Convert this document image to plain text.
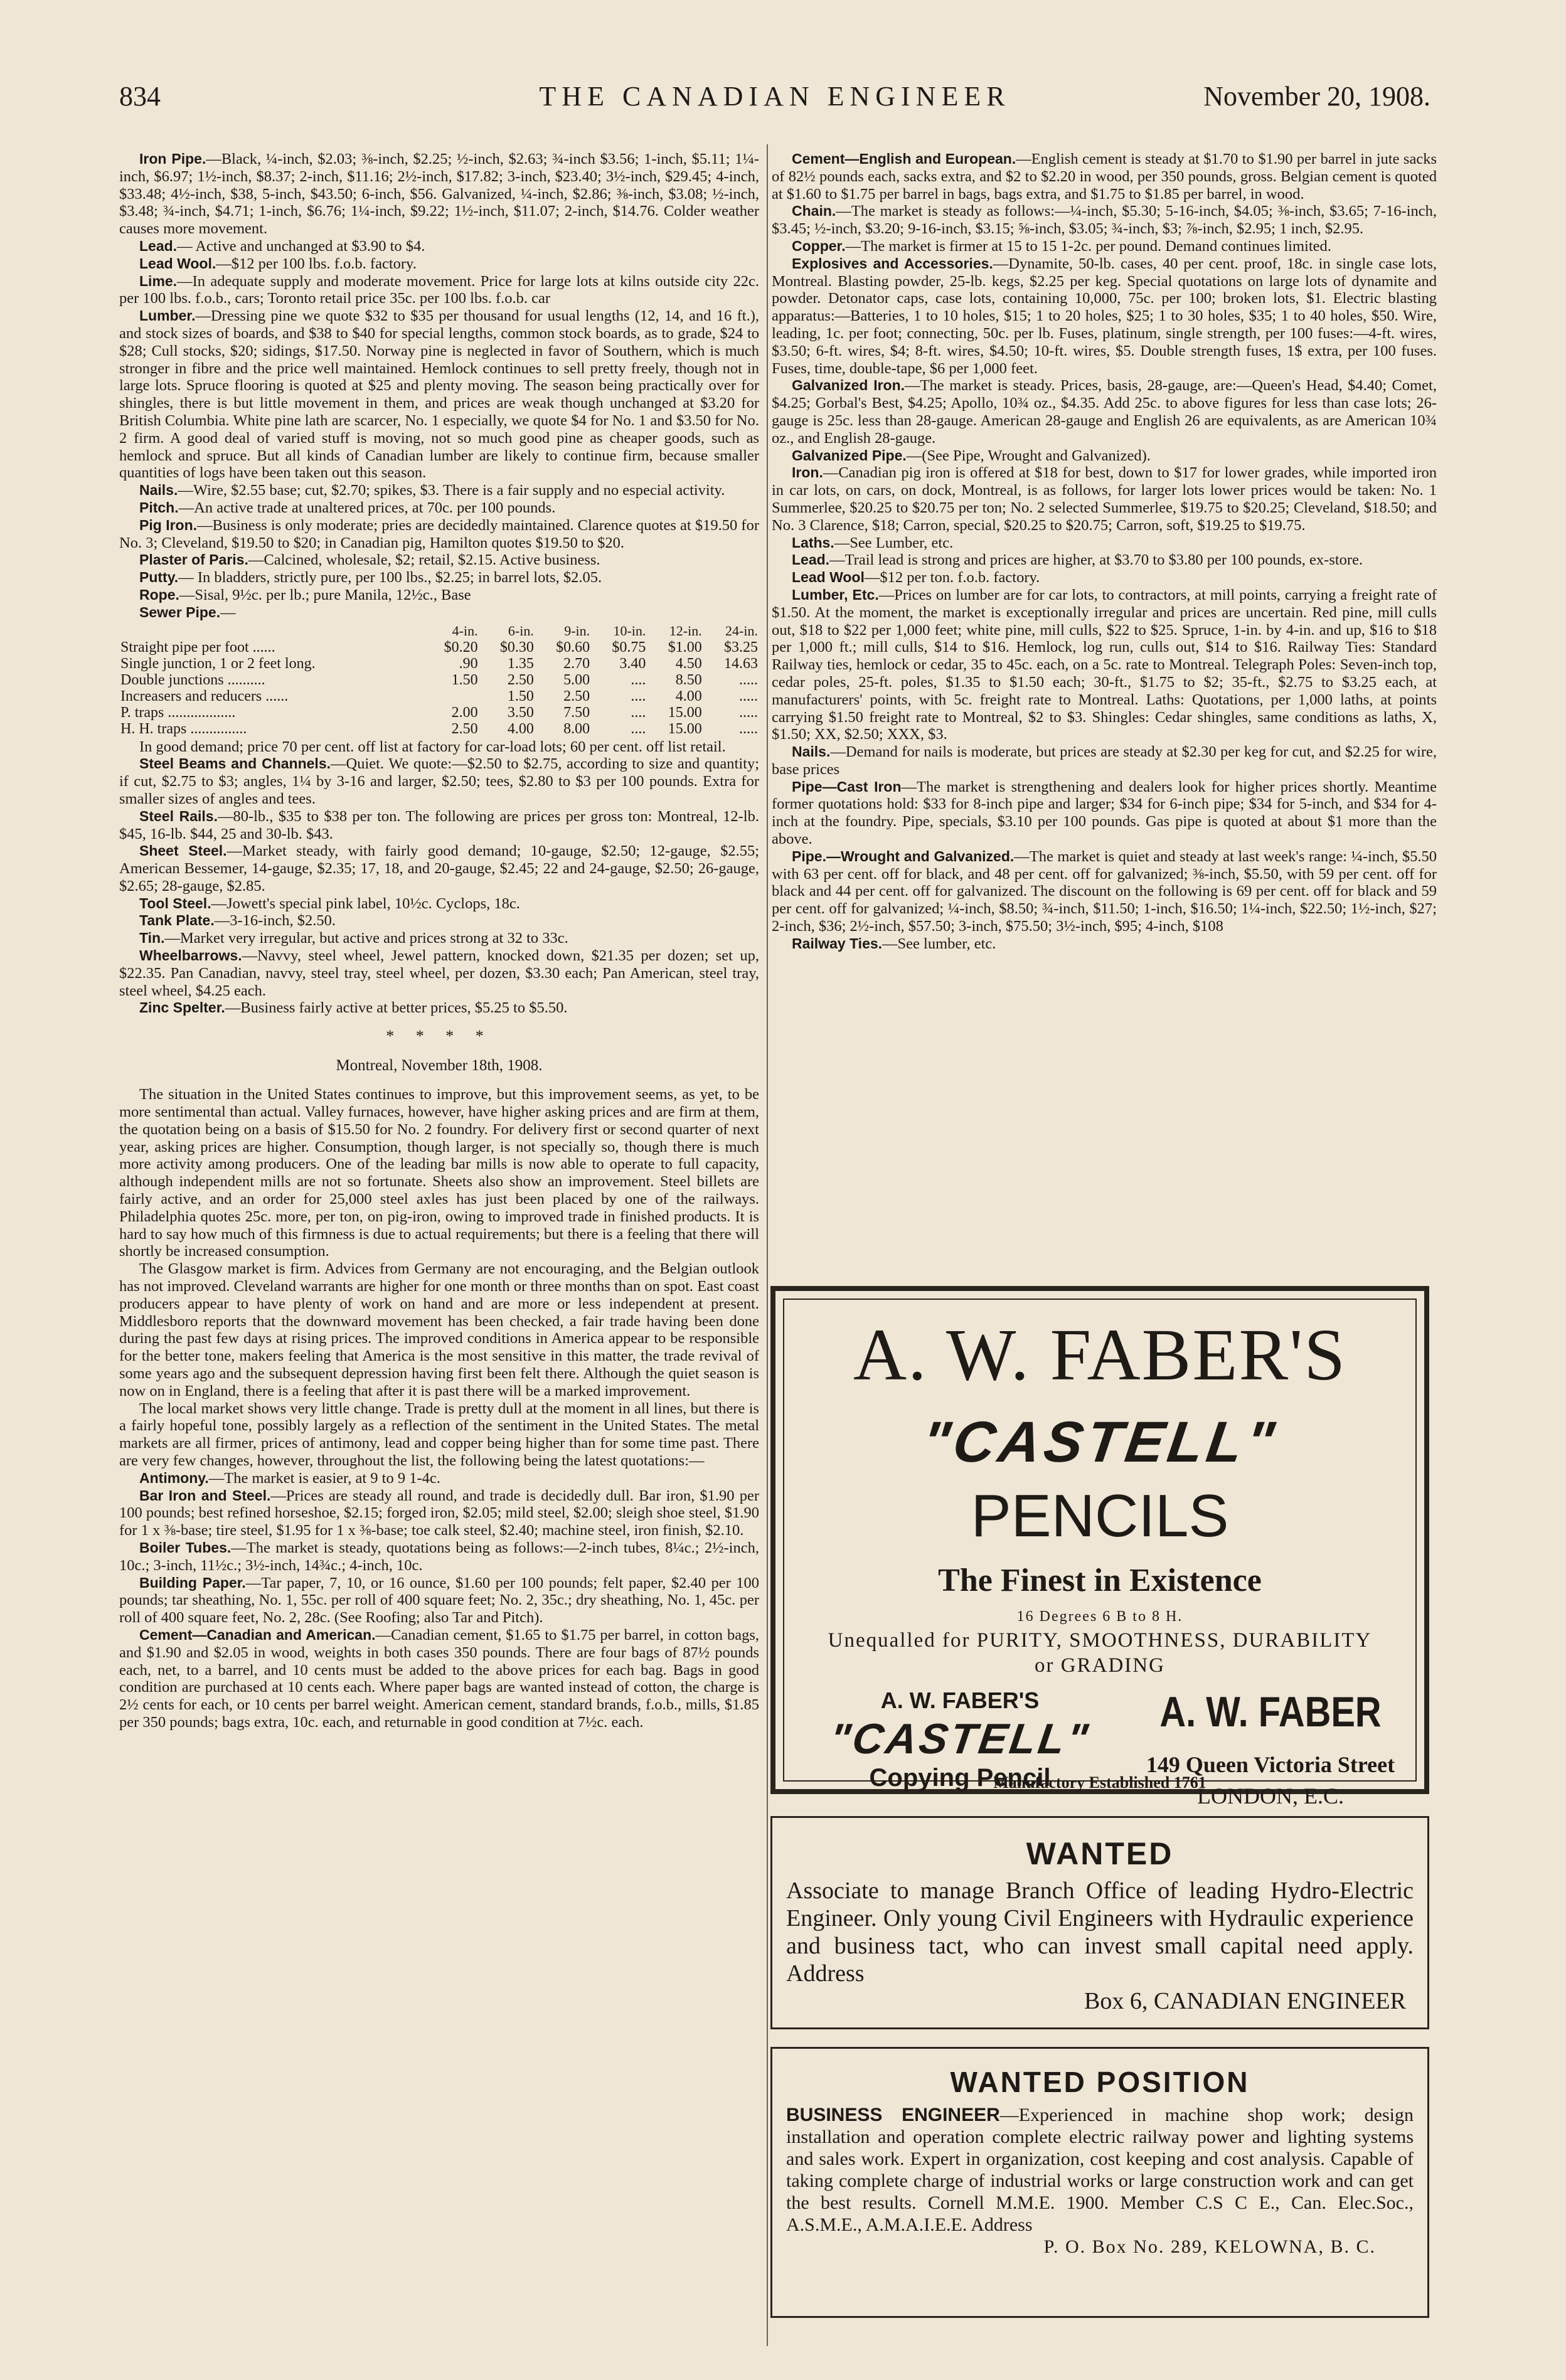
834	THE CANADIAN ENGINEER	November 20, 1908.

Iron Pipe.—Black, ¼-inch, $2.03; ⅜-inch, $2.25; ½-inch, $2.63; ¾-inch $3.56; 1-inch, $5.11; 1¼-inch, $6.97; 1½-inch, $8.37; 2-inch, $11.16; 2½-inch, $17.82; 3-inch, $23.40; 3½-inch, $29.45; 4-inch, $33.48; 4½-inch, $38, 5-inch, $43.50; 6-inch, $56. Galvanized, ¼-inch, $2.86; ⅜-inch, $3.08; ½-inch, $3.48; ¾-inch, $4.71; 1-inch, $6.76; 1¼-inch, $9.22; 1½-inch, $11.07; 2-inch, $14.76. Colder weather causes more movement.

Lead.— Active and unchanged at $3.90 to $4.

Lead Wool.—$12 per 100 lbs. f.o.b. factory.

Lime.—In adequate supply and moderate movement. Price for large lots at kilns outside city 22c. per 100 lbs. f.o.b., cars; Toronto retail price 35c. per 100 lbs. f.o.b. car

Lumber.—Dressing pine we quote $32 to $35 per thousand for usual lengths (12, 14, and 16 ft.), and stock sizes of boards, and $38 to $40 for special lengths, common stock boards, as to grade, $24 to $28; Cull stocks, $20; sidings, $17.50. Norway pine is neglected in favor of Southern, which is much stronger in fibre and the price well maintained. Hemlock continues to sell pretty freely, though not in large lots. Spruce flooring is quoted at $25 and plenty moving. The season being practically over for shingles, there is but little movement in them, and prices are weak though unchanged at $3.20 for British Columbia. White pine lath are scarcer, No. 1 especially, we quote $4 for No. 1 and $3.50 for No. 2 firm. A good deal of varied stuff is moving, not so much good pine as cheaper goods, such as hemlock and spruce. But all kinds of Canadian lumber are likely to continue firm, because smaller quantities of logs have been taken out this season.

Nails.—Wire, $2.55 base; cut, $2.70; spikes, $3. There is a fair supply and no especial activity.

Pitch.—An active trade at unaltered prices, at 70c. per 100 pounds.

Pig Iron.—Business is only moderate; pries are decidedly maintained. Clarence quotes at $19.50 for No. 3; Cleveland, $19.50 to $20; in Canadian pig, Hamilton quotes $19.50 to $20.

Plaster of Paris.—Calcined, wholesale, $2; retail, $2.15. Active business.

Putty.— In bladders, strictly pure, per 100 lbs., $2.25; in barrel lots, $2.05.

Rope.—Sisal, 9½c. per lb.; pure Manila, 12½c., Base

Sewer Pipe.—

	4-in.	6-in.	9-in.	10-in.	12-in.	24-in.
Straight pipe per foot ......	$0.20	$0.30	$0.60	$0.75	$1.00	$3.25
Single junction, 1 or 2 feet long.	.90	1.35	2.70	3.40	4.50	14.63
Double junctions ..........	1.50	2.50	5.00	....	8.50	.....
Increasers and reducers ......		1.50	2.50	....	4.00	.....
P. traps ..................	2.00	3.50	7.50	....	15.00	.....
H. H. traps ...............	2.50	4.00	8.00	....	15.00	.....

In good demand; price 70 per cent. off list at factory for car-load lots; 60 per cent. off list retail.

Steel Beams and Channels.—Quiet. We quote:—$2.50 to $2.75, according to size and quantity; if cut, $2.75 to $3; angles, 1¼ by 3-16 and larger, $2.50; tees, $2.80 to $3 per 100 pounds. Extra for smaller sizes of angles and tees.

Steel Rails.—80-lb., $35 to $38 per ton. The following are prices per gross ton: Montreal, 12-lb. $45, 16-lb. $44, 25 and 30-lb. $43.

Sheet Steel.—Market steady, with fairly good demand; 10-gauge, $2.50; 12-gauge, $2.55; American Bessemer, 14-gauge, $2.35; 17, 18, and 20-gauge, $2.45; 22 and 24-gauge, $2.50; 26-gauge, $2.65; 28-gauge, $2.85.

Tool Steel.—Jowett's special pink label, 10½c. Cyclops, 18c.

Tank Plate.—3-16-inch, $2.50.

Tin.—Market very irregular, but active and prices strong at 32 to 33c.

Wheelbarrows.—Navvy, steel wheel, Jewel pattern, knocked down, $21.35 per dozen; set up, $22.35. Pan Canadian, navvy, steel tray, steel wheel, per dozen, $3.30 each; Pan American, steel tray, steel wheel, $4.25 each.

Zinc Spelter.—Business fairly active at better prices, $5.25 to $5.50.

* * * *
Montreal, November 18th, 1908.

The situation in the United States continues to improve, but this improvement seems, as yet, to be more sentimental than actual. Valley furnaces, however, have higher asking prices and are firm at them, the quotation being on a basis of $15.50 for No. 2 foundry. For delivery first or second quarter of next year, asking prices are higher. Consumption, though larger, is not specially so, though there is much more activity among producers. One of the leading bar mills is now able to operate to full capacity, although independent mills are not so fortunate. Sheets also show an improvement. Steel billets are fairly active, and an order for 25,000 steel axles has just been placed by one of the railways. Philadelphia quotes 25c. more, per ton, on pig-iron, owing to improved trade in finished products. It is hard to say how much of this firmness is due to actual requirements; but there is a feeling that there will shortly be increased consumption.

The Glasgow market is firm. Advices from Germany are not encouraging, and the Belgian outlook has not improved. Cleveland warrants are higher for one month or three months than on spot. East coast producers appear to have plenty of work on hand and are more or less independent at present. Middlesboro reports that the downward movement has been checked, a fair trade having been done during the past few days at rising prices. The improved conditions in America appear to be responsible for the better tone, makers feeling that America is the most sensitive in this matter, the trade revival of some years ago and the subsequent depression having first been felt there. Although the quiet season is now on in England, there is a feeling that after it is past there will be a marked improvement.

The local market shows very little change. Trade is pretty dull at the moment in all lines, but there is a fairly hopeful tone, possibly largely as a reflection of the sentiment in the United States. The metal markets are all firmer, prices of antimony, lead and copper being higher than for some time past. There are very few changes, however, throughout the list, the following being the latest quotations:—

Antimony.—The market is easier, at 9 to 9 1-4c.

Bar Iron and Steel.—Prices are steady all round, and trade is decidedly dull. Bar iron, $1.90 per 100 pounds; best refined horseshoe, $2.15; forged iron, $2.05; mild steel, $2.00; sleigh shoe steel, $1.90 for 1 x ⅜-base; tire steel, $1.95 for 1 x ⅜-base; toe calk steel, $2.40; machine steel, iron finish, $2.10.

Boiler Tubes.—The market is steady, quotations being as follows:—2-inch tubes, 8¼c.; 2½-inch, 10c.; 3-inch, 11½c.; 3½-inch, 14¾c.; 4-inch, 10c.

Building Paper.—Tar paper, 7, 10, or 16 ounce, $1.60 per 100 pounds; felt paper, $2.40 per 100 pounds; tar sheathing, No. 1, 55c. per roll of 400 square feet; No. 2, 35c.; dry sheathing, No. 1, 45c. per roll of 400 square feet, No. 2, 28c. (See Roofing; also Tar and Pitch).

Cement—Canadian and American.—Canadian cement, $1.65 to $1.75 per barrel, in cotton bags, and $1.90 and $2.05 in wood, weights in both cases 350 pounds. There are four bags of 87½ pounds each, net, to a barrel, and 10 cents must be added to the above prices for each bag. Bags in good condition are purchased at 10 cents each. Where paper bags are wanted instead of cotton, the charge is 2½ cents for each, or 10 cents per barrel weight. American cement, standard brands, f.o.b., mills, $1.85 per 350 pounds; bags extra, 10c. each, and returnable in good condition at 7½c. each.

Cement—English and European.—English cement is steady at $1.70 to $1.90 per barrel in jute sacks of 82½ pounds each, sacks extra, and $2 to $2.20 in wood, per 350 pounds, gross. Belgian cement is quoted at $1.60 to $1.75 per barrel in bags, bags extra, and $1.75 to $1.85 per barrel, in wood.

Chain.—The market is steady as follows:—¼-inch, $5.30; 5-16-inch, $4.05; ⅜-inch, $3.65; 7-16-inch, $3.45; ½-inch, $3.20; 9-16-inch, $3.15; ⅝-inch, $3.05; ¾-inch, $3; ⅞-inch, $2.95; 1 inch, $2.95.

Copper.—The market is firmer at 15 to 15 1-2c. per pound. Demand continues limited.

Explosives and Accessories.—Dynamite, 50-lb. cases, 40 per cent. proof, 18c. in single case lots, Montreal. Blasting powder, 25-lb. kegs, $2.25 per keg. Special quotations on large lots of dynamite and powder. Detonator caps, case lots, containing 10,000, 75c. per 100; broken lots, $1. Electric blasting apparatus:—Batteries, 1 to 10 holes, $15; 1 to 20 holes, $25; 1 to 30 holes, $35; 1 to 40 holes, $50. Wire, leading, 1c. per foot; connecting, 50c. per lb. Fuses, platinum, single strength, per 100 fuses:—4-ft. wires, $3.50; 6-ft. wires, $4; 8-ft. wires, $4.50; 10-ft. wires, $5. Double strength fuses, 1$ extra, per 100 fuses. Fuses, time, double-tape, $6 per 1,000 feet.

Galvanized Iron.—The market is steady. Prices, basis, 28-gauge, are:—Queen's Head, $4.40; Comet, $4.25; Gorbal's Best, $4.25; Apollo, 10¾ oz., $4.35. Add 25c. to above figures for less than case lots; 26-gauge is 25c. less than 28-gauge. American 28-gauge and English 26 are equivalents, as are American 10¾ oz., and English 28-gauge.

Galvanized Pipe.—(See Pipe, Wrought and Galvanized).

Iron.—Canadian pig iron is offered at $18 for best, down to $17 for lower grades, while imported iron in car lots, on cars, on dock, Montreal, is as follows, for larger lots lower prices would be taken: No. 1 Summerlee, $20.25 to $20.75 per ton; No. 2 selected Summerlee, $19.75 to $20.25; Cleveland, $18.50; and No. 3 Clarence, $18; Carron, special, $20.25 to $20.75; Carron, soft, $19.25 to $19.75.

Laths.—See Lumber, etc.

Lead.—Trail lead is strong and prices are higher, at $3.70 to $3.80 per 100 pounds, ex-store.

Lead Wool—$12 per ton. f.o.b. factory.

Lumber, Etc.—Prices on lumber are for car lots, to contractors, at mill points, carrying a freight rate of $1.50. At the moment, the market is exceptionally irregular and prices are uncertain. Red pine, mill culls out, $18 to $22 per 1,000 feet; white pine, mill culls, $22 to $25. Spruce, 1-in. by 4-in. and up, $16 to $18 per 1,000 ft.; mill culls, $14 to $16. Hemlock, log run, culls out, $14 to $16. Railway Ties: Standard Railway ties, hemlock or cedar, 35 to 45c. each, on a 5c. rate to Montreal. Telegraph Poles: Seven-inch top, cedar poles, 25-ft. poles, $1.35 to $1.50 each; 30-ft., $1.75 to $2; 35-ft., $2.75 to $3.25 each, at manufacturers' points, with 5c. freight rate to Montreal. Laths: Quotations, per 1,000 laths, at points carrying $1.50 freight rate to Montreal, $2 to $3. Shingles: Cedar shingles, same conditions as laths, X, $1.50; XX, $2.50; XXX, $3.

Nails.—Demand for nails is moderate, but prices are steady at $2.30 per keg for cut, and $2.25 for wire, base prices

Pipe—Cast Iron—The market is strengthening and dealers look for higher prices shortly. Meantime former quotations hold: $33 for 8-inch pipe and larger; $34 for 6-inch pipe; $34 for 5-inch, and $34 for 4-inch at the foundry. Pipe, specials, $3.10 per 100 pounds. Gas pipe is quoted at about $1 more than the above.

Pipe.—Wrought and Galvanized.—The market is quiet and steady at last week's range: ¼-inch, $5.50 with 63 per cent. off for black, and 48 per cent. off for galvanized; ⅜-inch, $5.50, with 59 per cent. off for black and 44 per cent. off for galvanized. The discount on the following is 69 per cent. off for black and 59 per cent. off for galvanized; ¼-inch, $8.50; ¾-inch, $11.50; 1-inch, $16.50; 1¼-inch, $22.50; 1½-inch, $27; 2-inch, $36; 2½-inch, $57.50; 3-inch, $75.50; 3½-inch, $95; 4-inch, $108

Railway Ties.—See lumber, etc.

A. W. FABER'S
"CASTELL"
PENCILS
The Finest in Existence
16 Degrees 6 B to 8 H.
Unequalled for PURITY, SMOOTHNESS, DURABILITY
or GRADING
A. W. FABER'S
"CASTELL"
Copying Pencil
A. W. FABER
149 Queen Victoria Street
LONDON, E.C.
Manufactory Established 1761
WANTED
Associate to manage Branch Office of leading Hydro-Electric Engineer. Only young Civil Engineers with Hydraulic experience and business tact, who can invest small capital need apply. Address
Box 6, CANADIAN ENGINEER
WANTED POSITION
BUSINESS ENGINEER—Experienced in machine shop work; design installation and operation complete electric railway power and lighting systems and sales work. Expert in organization, cost keeping and cost analysis. Capable of taking complete charge of industrial works or large construction work and can get the best results. Cornell M.M.E. 1900. Member C.S C E., Can. Elec.Soc., A.S.M.E., A.M.A.I.E.E. Address
P. O. Box No. 289, KELOWNA, B. C.
